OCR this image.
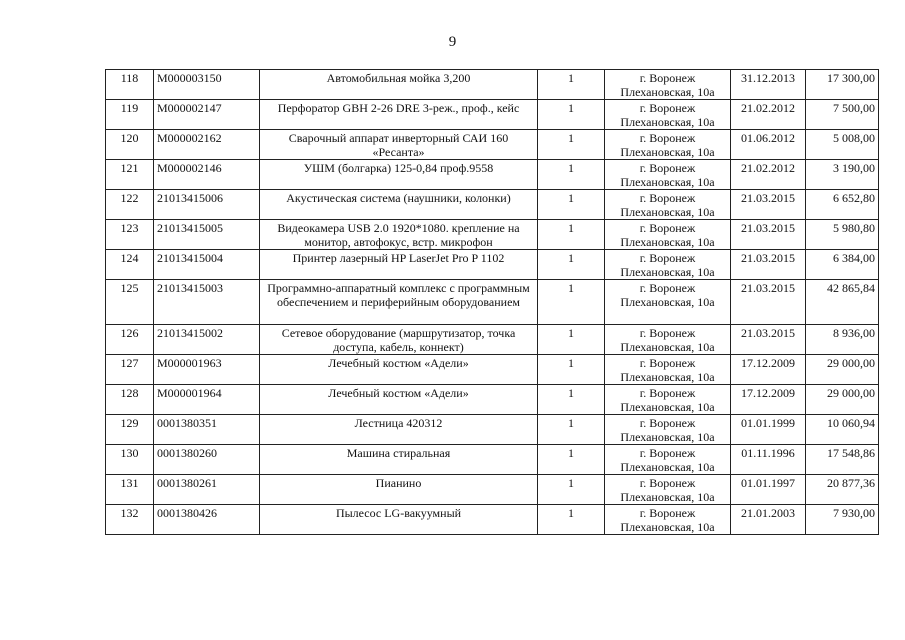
9
118	М000003150	Автомобильная мойка 3,200	1	г. Воронеж Плехановская, 10а	31.12.2013	17 300,00
119	М000002147	Перфоратор GBH 2-26 DRE 3-реж., проф., кейс	1	г. Воронеж Плехановская, 10а	21.02.2012	7 500,00
120	М000002162	Сварочный аппарат инверторный САИ 160 «Ресанта»	1	г. Воронеж Плехановская, 10а	01.06.2012	5 008,00
121	М000002146	УШМ (болгарка) 125-0,84 проф.9558	1	г. Воронеж Плехановская, 10а	21.02.2012	3 190,00
122	21013415006	Акустическая система (наушники, колонки)	1	г. Воронеж Плехановская, 10а	21.03.2015	6 652,80
123	21013415005	Видеокамера USB 2.0 1920*1080. крепление на монитор, автофокус, встр. микрофон	1	г. Воронеж Плехановская, 10а	21.03.2015	5 980,80
124	21013415004	Принтер лазерный HP LaserJet Pro P 1102	1	г. Воронеж Плехановская, 10а	21.03.2015	6 384,00
125	21013415003	Программно-аппаратный комплекс с программным обеспечением и периферийным оборудованием	1	г. Воронеж Плехановская, 10а	21.03.2015	42 865,84
126	21013415002	Сетевое оборудование (маршрутизатор, точка доступа, кабель, коннект)	1	г. Воронеж Плехановская, 10а	21.03.2015	8 936,00
127	М000001963	Лечебный костюм «Адели»	1	г. Воронеж Плехановская, 10а	17.12.2009	29 000,00
128	М000001964	Лечебный костюм «Адели»	1	г. Воронеж Плехановская, 10а	17.12.2009	29 000,00
129	0001380351	Лестница 420312	1	г. Воронеж Плехановская, 10а	01.01.1999	10 060,94
130	0001380260	Машина стиральная	1	г. Воронеж Плехановская, 10а	01.11.1996	17 548,86
131	0001380261	Пианино	1	г. Воронеж Плехановская, 10а	01.01.1997	20 877,36
132	0001380426	Пылесос LG-вакуумный	1	г. Воронеж Плехановская, 10а	21.01.2003	7 930,00
